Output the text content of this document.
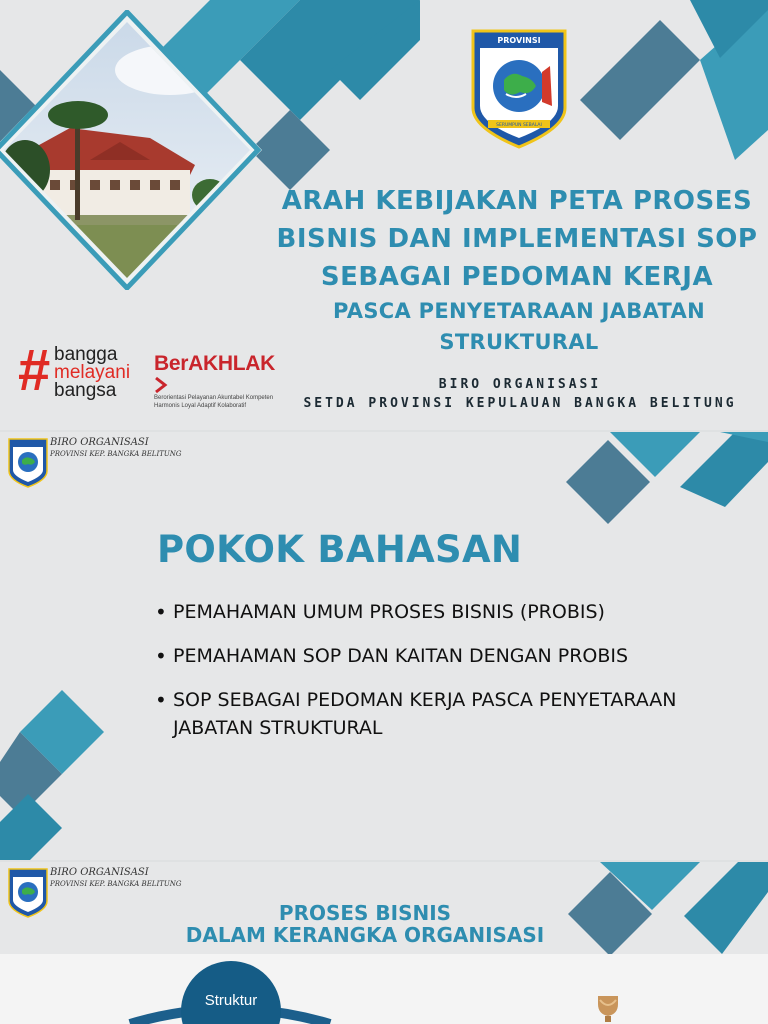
PROVINSI
SERUMPUN SEBALAI
ARAH KEBIJAKAN PETA PROSES
BISNIS DAN IMPLEMENTASI SOP
SEBAGAI PEDOMAN KERJA
PASCA PENYETARAAN JABATAN
STRUKTURAL
# bangga
melayani
bangsa
BerAKHLAK
Berorientasi Pelayanan Akuntabel Kompeten
Harmonis Loyal Adaptif Kolaboratif
BIRO ORGANISASI
SETDA PROVINSI KEPULAUAN BANGKA BELITUNG
BIRO ORGANISASI
PROVINSI KEP. BANGKA BELITUNG
POKOK BAHASAN
• PEMAHAMAN UMUM PROSES BISNIS (PROBIS)
• PEMAHAMAN SOP DAN KAITAN DENGAN PROBIS
• SOP SEBAGAI PEDOMAN KERJA PASCA PENYETARAAN JABATAN STRUKTURAL
BIRO ORGANISASI
PROVINSI KEP. BANGKA BELITUNG
PROSES BISNIS
DALAM KERANGKA ORGANISASI
Struktur
